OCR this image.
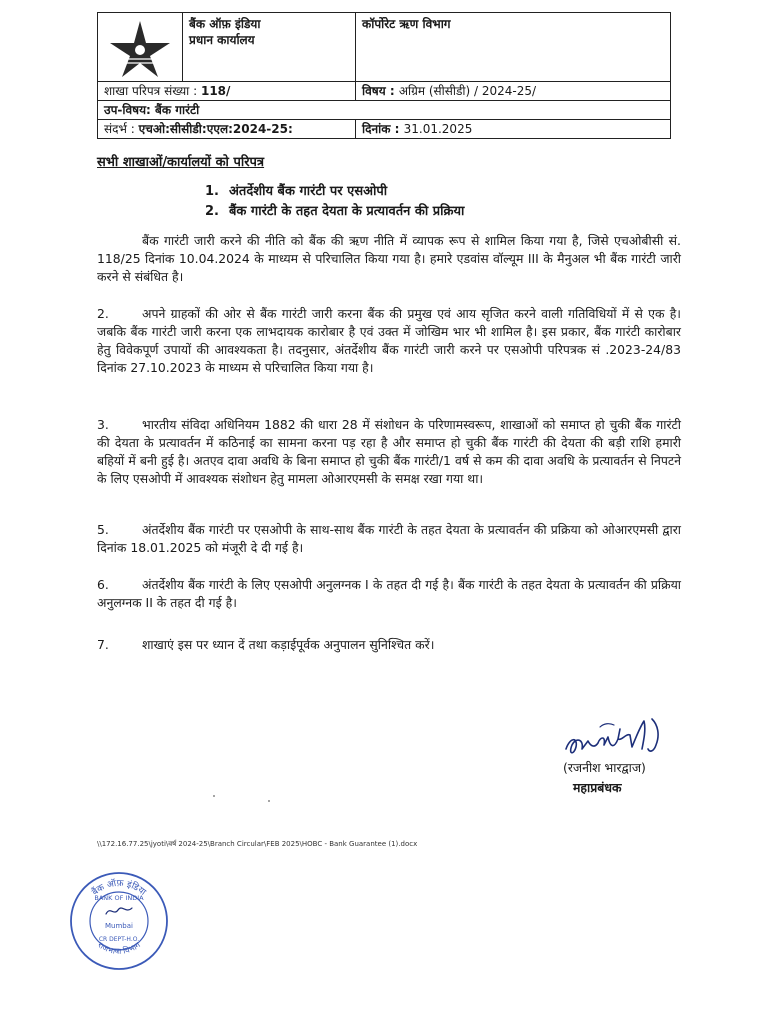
बैंक ऑफ़ इंडिया
प्रधान कार्यालय	कॉर्पोरेट ऋण विभाग
शाखा परिपत्र संख्या : 118/		विषय : अग्रिम (सीसीडी) / 2024-25/
उप-विषय: बैंक गारंटी		
संदर्भ : एचओ:सीसीडी:एएल:2024-25:		दिनांक : 31.01.2025
सभी शाखाओं/कार्यालयों को परिपत्र
1. अंतर्देशीय बैंक गारंटी पर एसओपी
2. बैंक गारंटी के तहत देयता के प्रत्यावर्तन की प्रक्रिया

बैंक गारंटी जारी करने की नीति को बैंक की ऋण नीति में व्यापक रूप से शामिल किया गया है, जिसे एचओबीसी सं. 118/25 दिनांक 10.04.2024 के माध्यम से परिचालित किया गया है। हमारे एडवांस वॉल्यूम III के मैनुअल भी बैंक गारंटी जारी करने से संबंधित है।

2.	अपने ग्राहकों की ओर से बैंक गारंटी जारी करना बैंक की प्रमुख एवं आय सृजित करने वाली गतिविधियों में से एक है। जबकि बैंक गारंटी जारी करना एक लाभदायक कारोबार है एवं उक्त में जोखिम भार भी शामिल है। इस प्रकार, बैंक गारंटी कारोबार हेतु विवेकपूर्ण उपायों की आवश्यकता है। तदनुसार, अंतर्देशीय बैंक गारंटी जारी करने पर एसओपी परिपत्रक सं .2023-24/83 दिनांक 27.10.2023 के माध्यम से परिचालित किया गया है।

3.	भारतीय संविदा अधिनियम 1882 की धारा 28 में संशोधन के परिणामस्वरूप, शाखाओं को समाप्त हो चुकी बैंक गारंटी की देयता के प्रत्यावर्तन में कठिनाई का सामना करना पड़ रहा है और समाप्त हो चुकी बैंक गारंटी की देयता की बड़ी राशि हमारी बहियों में बनी हुई है। अतएव दावा अवधि के बिना समाप्त हो चुकी बैंक गारंटी/1 वर्ष से कम की दावा अवधि के प्रत्यावर्तन से निपटने के लिए एसओपी में आवश्यक संशोधन हेतु मामला ओआरएमसी के समक्ष रखा गया था।

5.	अंतर्देशीय बैंक गारंटी पर एसओपी के साथ-साथ बैंक गारंटी के तहत देयता के प्रत्यावर्तन की प्रक्रिया को ओआरएमसी द्वारा दिनांक 18.01.2025 को मंजूरी दे दी गई है।

6.	अंतर्देशीय बैंक गारंटी के लिए एसओपी अनुलग्नक I के तहत दी गई है। बैंक गारंटी के तहत देयता के प्रत्यावर्तन की प्रक्रिया अनुलग्नक II के तहत दी गई है।

7.	शाखाएं इस पर ध्यान दें तथा कड़ाईपूर्वक अनुपालन सुनिश्चित करें।

(रजनीश भारद्वाज)
महाप्रबंधक
\\172.16.77.25\jyoti\वर्ष 2024-25\Branch Circular\FEB 2025\HOBC - Bank Guarantee (1).docx
बैंक ऑफ़ इंडिया
राजभाषा विभाग
BANK OF INDIA
Mumbai
CR DEPT-H.O.
